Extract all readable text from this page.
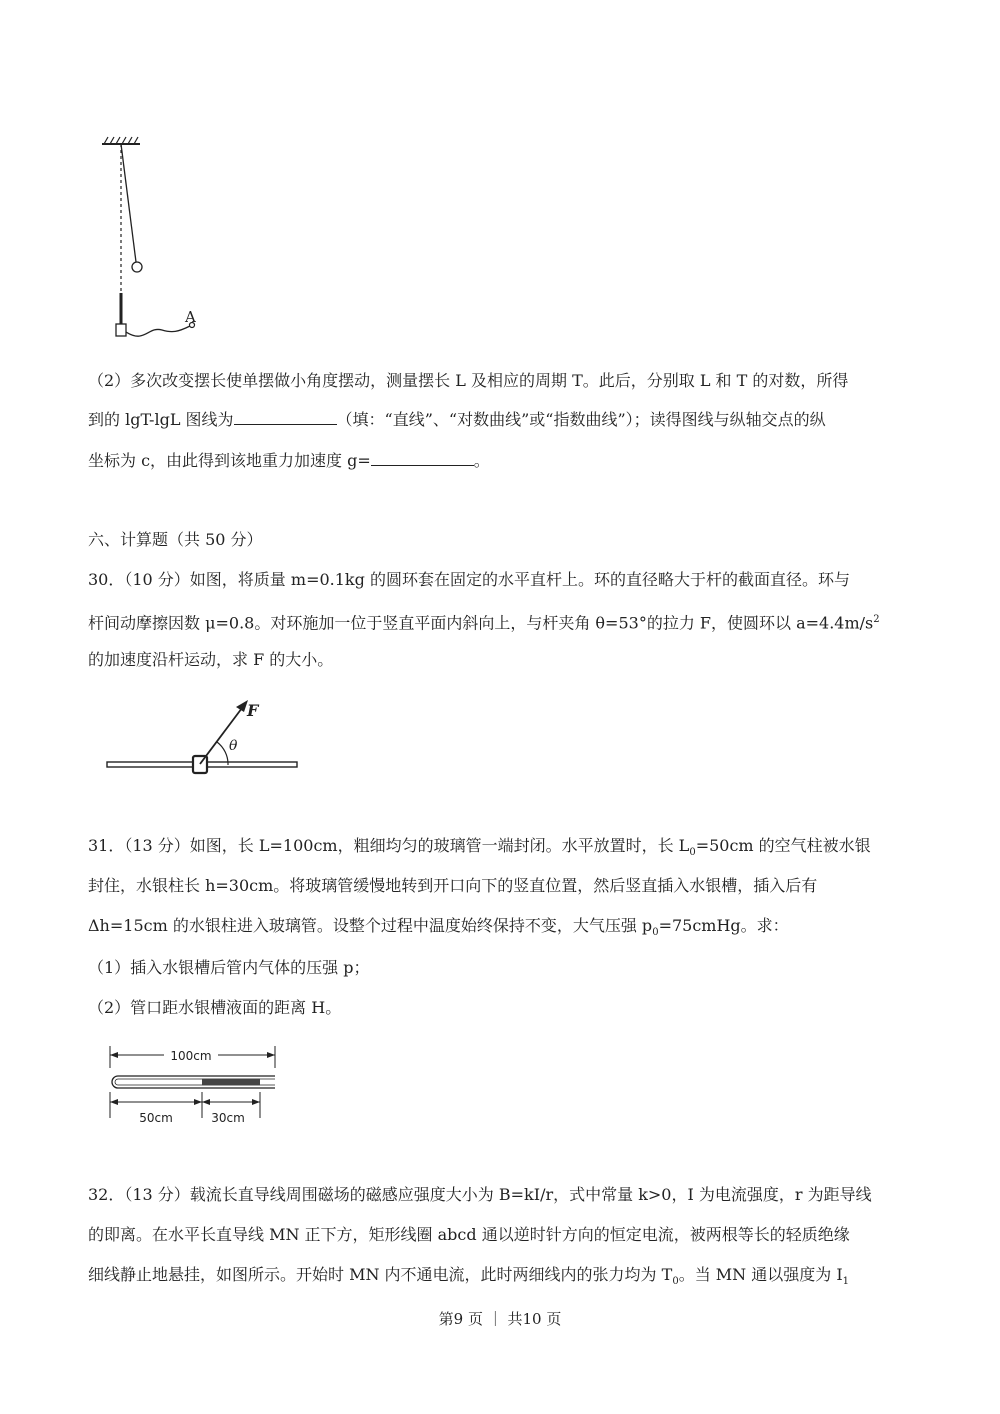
A
（2）多次改变摆长使单摆做小角度摆动，测量摆长 L 及相应的周期 T。此后，分别取 L 和 T 的对数，所得
到的 lgT-lgL 图线为	（填：“直线”、“对数曲线”或“指数曲线”）；读得图线与纵轴交点的纵
坐标为 c，由此得到该地重力加速度 g=	。
六、计算题（共 50 分）
30．（10 分）如图，将质量 m=0.1kg 的圆环套在固定的水平直杆上。环的直径略大于杆的截面直径。环与
杆间动摩擦因数 μ=0.8。对环施加一位于竖直平面内斜向上，与杆夹角 θ=53°的拉力 F，使圆环以 $a=4.4m/s^2$
的加速度沿杆运动，求 F 的大小。
F
θ
31．（13 分）如图，长 L=100cm，粗细均匀的玻璃管一端封闭。水平放置时，长 $L_0=50cm$ 的空气柱被水银
封住，水银柱长 h=30cm。将玻璃管缓慢地转到开口向下的竖直位置，然后竖直插入水银槽，插入后有
Δh=15cm 的水银柱进入玻璃管。设整个过程中温度始终保持不变，大气压强 $p_0=75cmHg$。求：
（1）插入水银槽后管内气体的压强 p；
（2）管口距水银槽液面的距离 H。
100cm
50cm	30cm
32．（13 分）载流长直导线周围磁场的磁感应强度大小为 B=kI/r，式中常量 k>0，I 为电流强度，r 为距导线
的即离。在水平长直导线 MN 正下方，矩形线圈 abcd 通以逆时针方向的恒定电流，被两根等长的轻质绝缘
细线静止地悬挂，如图所示。开始时 MN 内不通电流，此时两细线内的张力均为 $T_0$。当 MN 通以强度为 $I_1$
第9 页 ｜ 共10 页
